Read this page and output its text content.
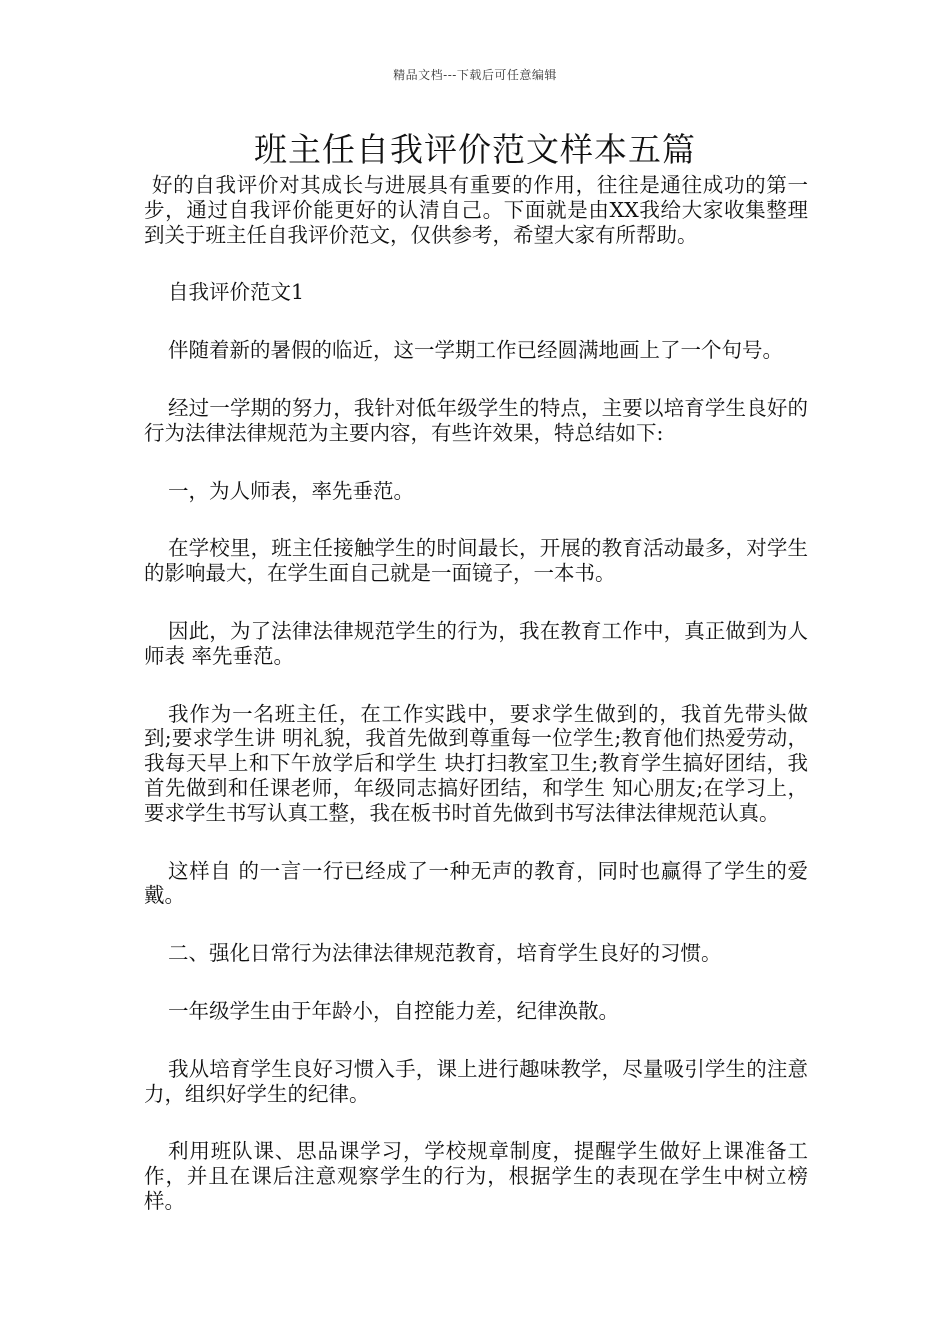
精品文档---下载后可任意编辑
班主任自我评价范文样本五篇

好的自我评价对其成长与进展具有重要的作用，往往是通往成功的第一步，通过自我评价能更好的认清自己。下面就是由XX我给大家收集整理到关于班主任自我评价范文，仅供参考，希望大家有所帮助。

自我评价范文1

伴随着新的暑假的临近，这一学期工作已经圆满地画上了一个句号。

经过一学期的努力，我针对低年级学生的特点，主要以培育学生良好的行为法律法律规范为主要内容，有些许效果，特总结如下:

一，为人师表，率先垂范。

在学校里，班主任接触学生的时间最长，开展的教育活动最多，对学生的影响最大，在学生面自己就是一面镜子，一本书。

因此，为了法律法律规范学生的行为，我在教育工作中，真正做到为人师表 率先垂范。

我作为一名班主任，在工作实践中，要求学生做到的，我首先带头做到;要求学生讲 明礼貌，我首先做到尊重每一位学生;教育他们热爱劳动，我每天早上和下午放学后和学生 块打扫教室卫生;教育学生搞好团结，我首先做到和任课老师，年级同志搞好团结，和学生 知心朋友;在学习上，要求学生书写认真工整，我在板书时首先做到书写法律法律规范认真。

这样自 的一言一行已经成了一种无声的教育，同时也赢得了学生的爱戴。

二、强化日常行为法律法律规范教育，培育学生良好的习惯。

一年级学生由于年龄小，自控能力差，纪律涣散。

我从培育学生良好习惯入手，课上进行趣味教学，尽量吸引学生的注意力，组织好学生的纪律。

利用班队课、思品课学习，学校规章制度，提醒学生做好上课准备工作，并且在课后注意观察学生的行为，根据学生的表现在学生中树立榜样。
